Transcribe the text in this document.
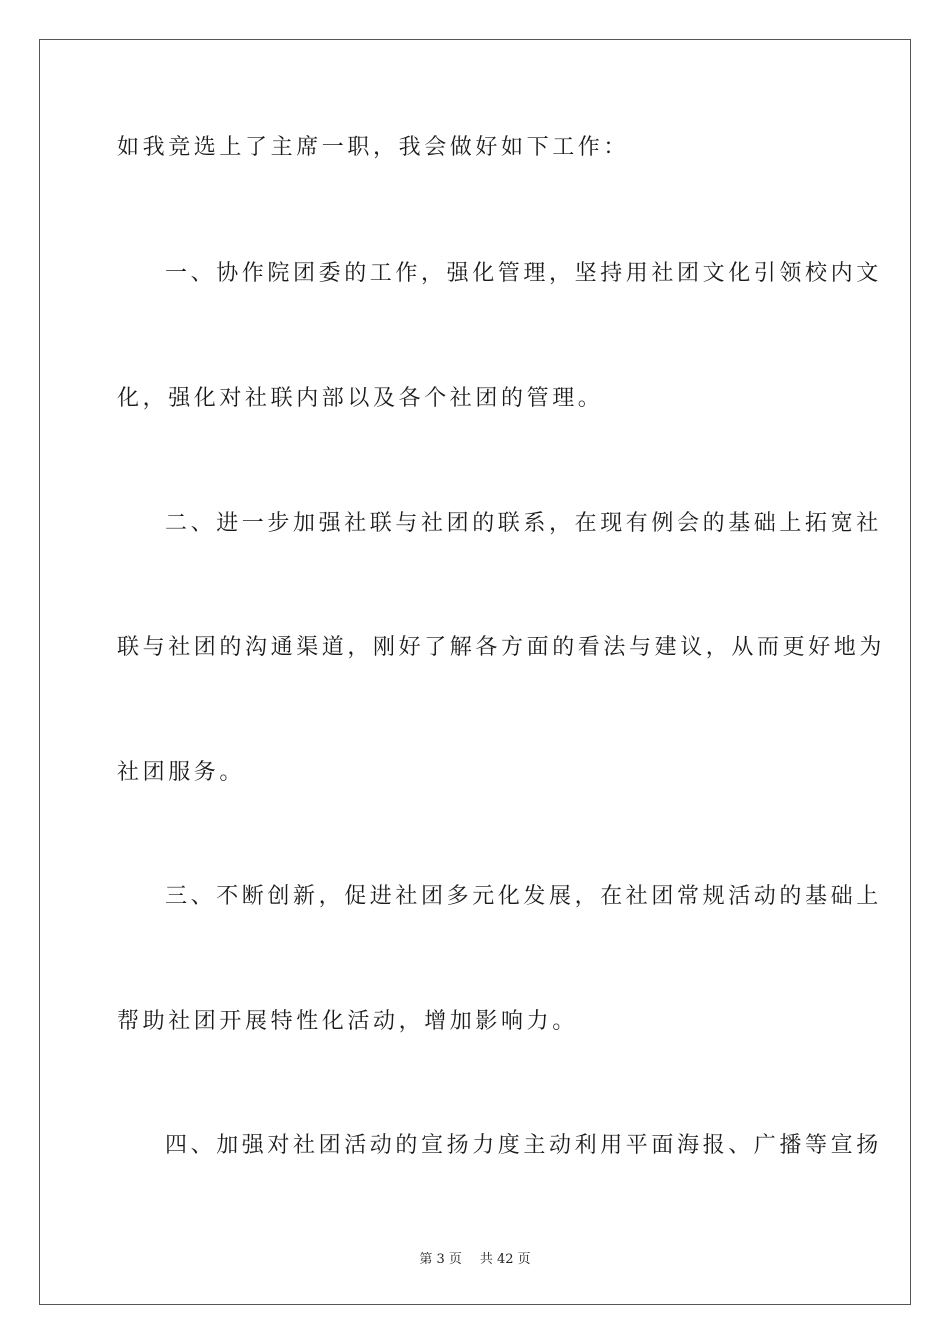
如我竞选上了主席一职，我会做好如下工作：
一、协作院团委的工作，强化管理，坚持用社团文化引领校内文
化，强化对社联内部以及各个社团的管理。
二、进一步加强社联与社团的联系，在现有例会的基础上拓宽社
联与社团的沟通渠道，刚好了解各方面的看法与建议，从而更好地为
社团服务。
三、不断创新，促进社团多元化发展，在社团常规活动的基础上
帮助社团开展特性化活动，增加影响力。
四、加强对社团活动的宣扬力度主动利用平面海报、广播等宣扬
第 3 页 共 42 页
